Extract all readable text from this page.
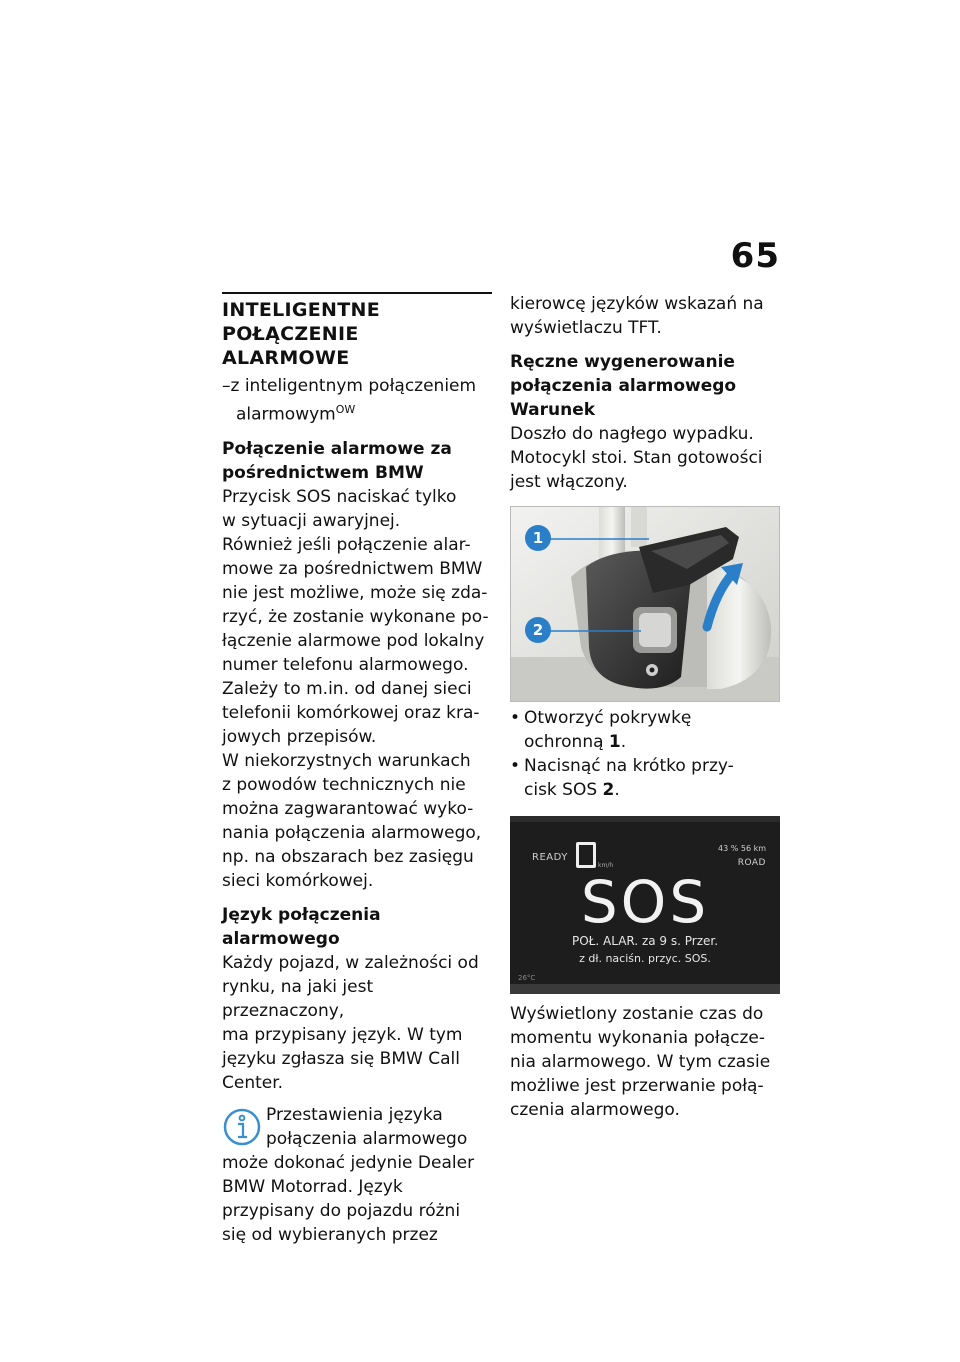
65
INTELIGENTNE POŁĄCZENIE
ALARMOWE
–z inteligentnym połączeniem alarmowym$^{OW}$
Połączenie alarmowe za
pośrednictwem BMW

Przycisk SOS naciskać tylko

w sytuacji awaryjnej.

Również jeśli połączenie alar-

mowe za pośrednictwem BMW

nie jest możliwe, może się zda-

rzyć, że zostanie wykonane po-

łączenie alarmowe pod lokalny

numer telefonu alarmowego.

Zależy to m.in. od danej sieci

telefonii komórkowej oraz kra-

jowych przepisów.

W niekorzystnych warunkach

z powodów technicznych nie

można zagwarantować wyko-

nania połączenia alarmowego,

np. na obszarach bez zasięgu

sieci komórkowej.

Język połączenia alarmowego

Każdy pojazd, w zależności od

rynku, na jaki jest przeznaczony,

ma przypisany język. W tym

języku zgłasza się BMW Call

Center.

Przestawienia języka

połączenia alarmowego

może dokonać jedynie Dealer

BMW Motorrad. Język

przypisany do pojazdu różni

się od wybieranych przez

kierowcę języków wskazań na

wyświetlaczu TFT.

Ręczne wygenerowanie
połączenia alarmowego
Warunek

Doszło do nagłego wypadku.

Motocykl stoi. Stan gotowości

jest włączony.

1
2
• Otworzyć pokrywkę
ochronną 1.
• Nacisnąć na krótko przy-
cisk SOS 2.
READY
km/h
43 % 56 km
ROAD
SOS
POŁ. ALAR. za 9 s. Przer.
z dł. naciśn. przyc. SOS.
26°C

Wyświetlony zostanie czas do

momentu wykonania połącze-

nia alarmowego. W tym czasie

możliwe jest przerwanie połą-

czenia alarmowego.
